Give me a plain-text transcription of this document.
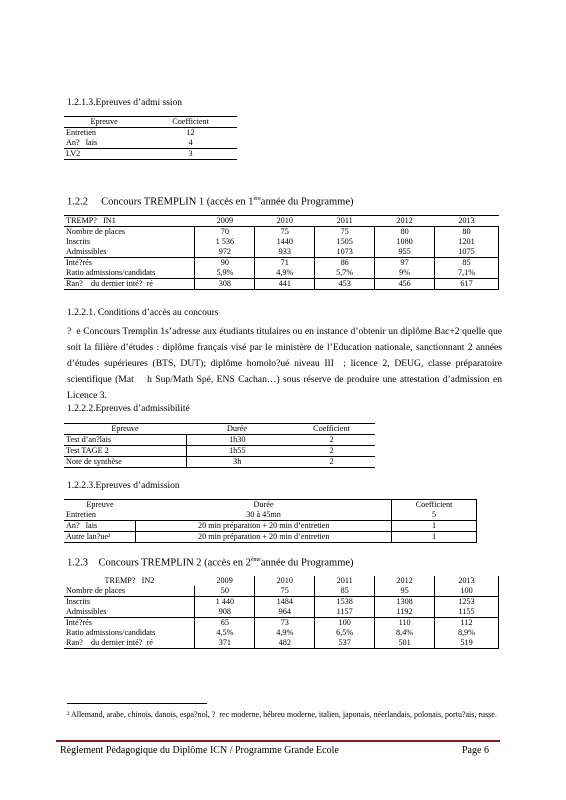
1.2.1.3.Epreuves d’admi ssion
Epreuve	Coefficient
Entretien	12
An?   lais	4
LV2	3
1.2.2     Concours TREMPLIN 1 (accès en 1èreannée du Programme)
TREMP?   IN1	2009	2010	2011	2012	2013
Nombre de places	70	75	75	80	80
Inscrits	1 536	1440	1505	1080	1201
Admissibles	972	933	1073	955	1075
Inté?rés	90	71	86	97	85
Ratio admissions/candidats	5,9%	4,9%	5,7%	9%	7,1%
Ran?    du dernier inté?  ré	308	441	453	456	617
1.2.2.1. Conditions d’accès au concours
?  e Concours Tremplin 1s’adresse aux étudiants titulaires ou en instance d’obtenir un diplôme Bac+2 quelle que soit la filière d’études : diplôme français visé par le ministère de l’Education nationale, sanctionnant 2 années d’études supérieures (BTS, DUT); diplôme homolo?ué niveau III  ; licence 2, DEUG, classe préparatoire scientifique (Mat    h Sup/Math Spé, ENS Cachan…) sous réserve de produire une attestation d’admission en Licence 3.
1.2.2.2.Epreuves d’admissibilité
Epreuve	Durée	Coefficient
Test d’an?lais	1h30	2
Test TAGE 2	1h55	2
Note de synthèse	3h	2
1.2.2.3.Epreuves d’admission
Epreuve	Durée	Coefficient
Entretien	30 à 45mn	5
An?   lais	20 min préparation + 20 min d’entretien	1
Autre lan?ue²	20 min préparation + 20 min d’entretien	1
1.2.3    Concours TREMPLIN 2 (accès en 2èmeannée du Programme)
TREMP?   IN2	2009	2010	2011	2012	2013
Nombre de places	50	75	85	95	100
Inscrits	1 440	1484	1538	1308	1253
Admissibles	908	964	1157	1192	1155
Inté?rés	65	73	100	110	112
Ratio admissions/candidats	4,5%	4,9%	6,5%	8,4%	8,9%
Ran?    du dernier inté?  ré	371	482	537	501	519
² Allemand, arabe, chinois, danois, espa?nol, ?  rec moderne, hébreu moderne, italien, japonais, néerlandais, polonais, portu?ais, russe.
Règlement Pédagogique du Diplôme ICN / Programme Grande Ecole	Page 6
